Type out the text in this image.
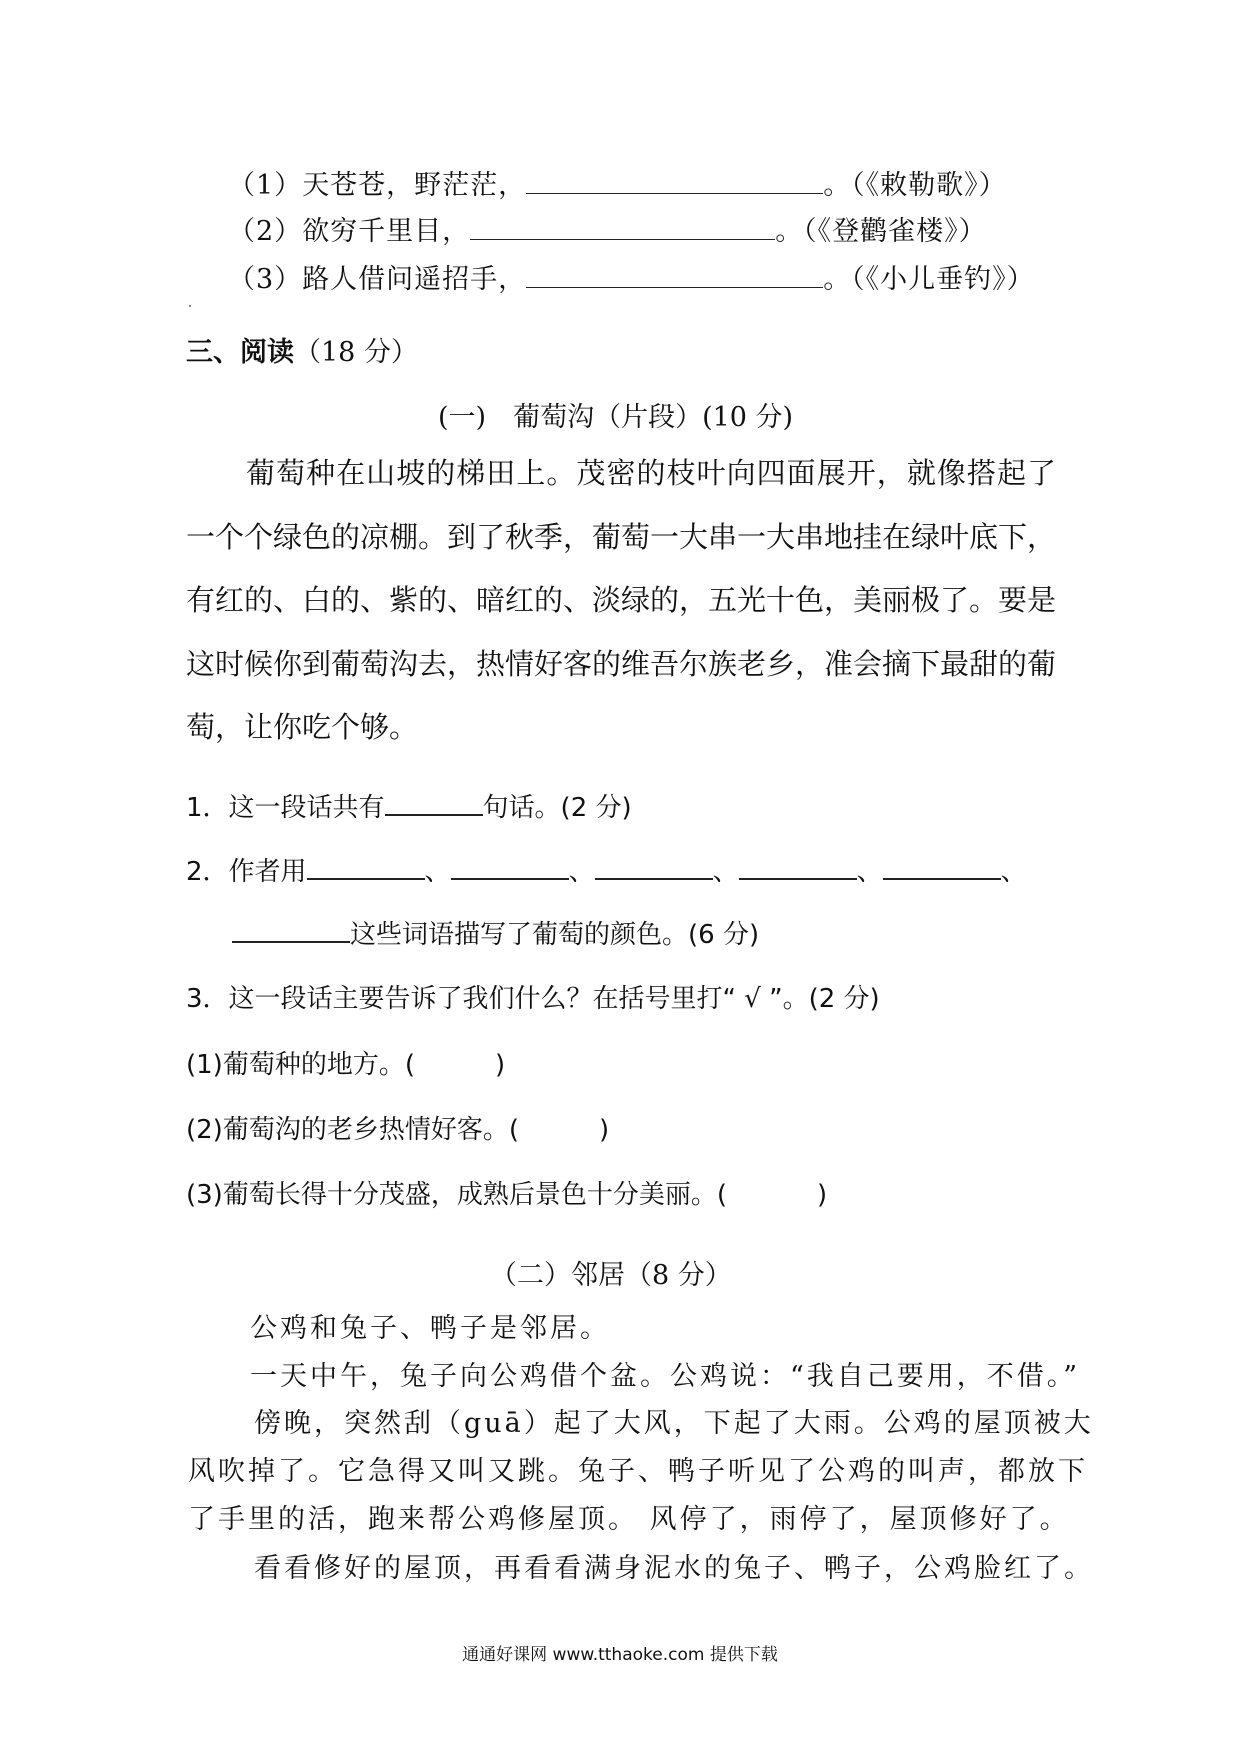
（1）天苍苍，野茫茫，	。（《敕勒歌》）
（2）欲穷千里目，	。（《登鹳雀楼》）
（3）路人借问遥招手，	。（《小儿垂钓》）
三、阅读（18 分）
(一)　葡萄沟（片段）(10 分)
葡萄种在山坡的梯田上。茂密的枝叶向四面展开，就像搭起了一个个绿色的凉棚。到了秋季，葡萄一大串一大串地挂在绿叶底下，有红的、白的、紫的、暗红的、淡绿的，五光十色，美丽极了。要是这时候你到葡萄沟去，热情好客的维吾尔族老乡，准会摘下最甜的葡萄，让你吃个够。
1．这一段话共有	句话。(2 分)
2．作者用	、	、	、	、	、
这些词语描写了葡萄的颜色。(6 分)
3．这一段话主要告诉了我们什么？在括号里打“ √ ”。(2 分)
(1)葡萄种的地方。(	)
(2)葡萄沟的老乡热情好客。(	)
(3)葡萄长得十分茂盛，成熟后景色十分美丽。(	)
（二）邻居（8 分）
公鸡和兔子、鸭子是邻居。
一天中午，兔子向公鸡借个盆。公鸡说：“我自己要用，不借。”
傍晚，突然刮（guā）起了大风，下起了大雨。公鸡的屋顶被大
风吹掉了。它急得又叫又跳。兔子、鸭子听见了公鸡的叫声，都放下
了手里的活，跑来帮公鸡修屋顶。 风停了，雨停了，屋顶修好了。
看看修好的屋顶，再看看满身泥水的兔子、鸭子，公鸡脸红了。
通通好课网 www.tthaoke.com 提供下载
